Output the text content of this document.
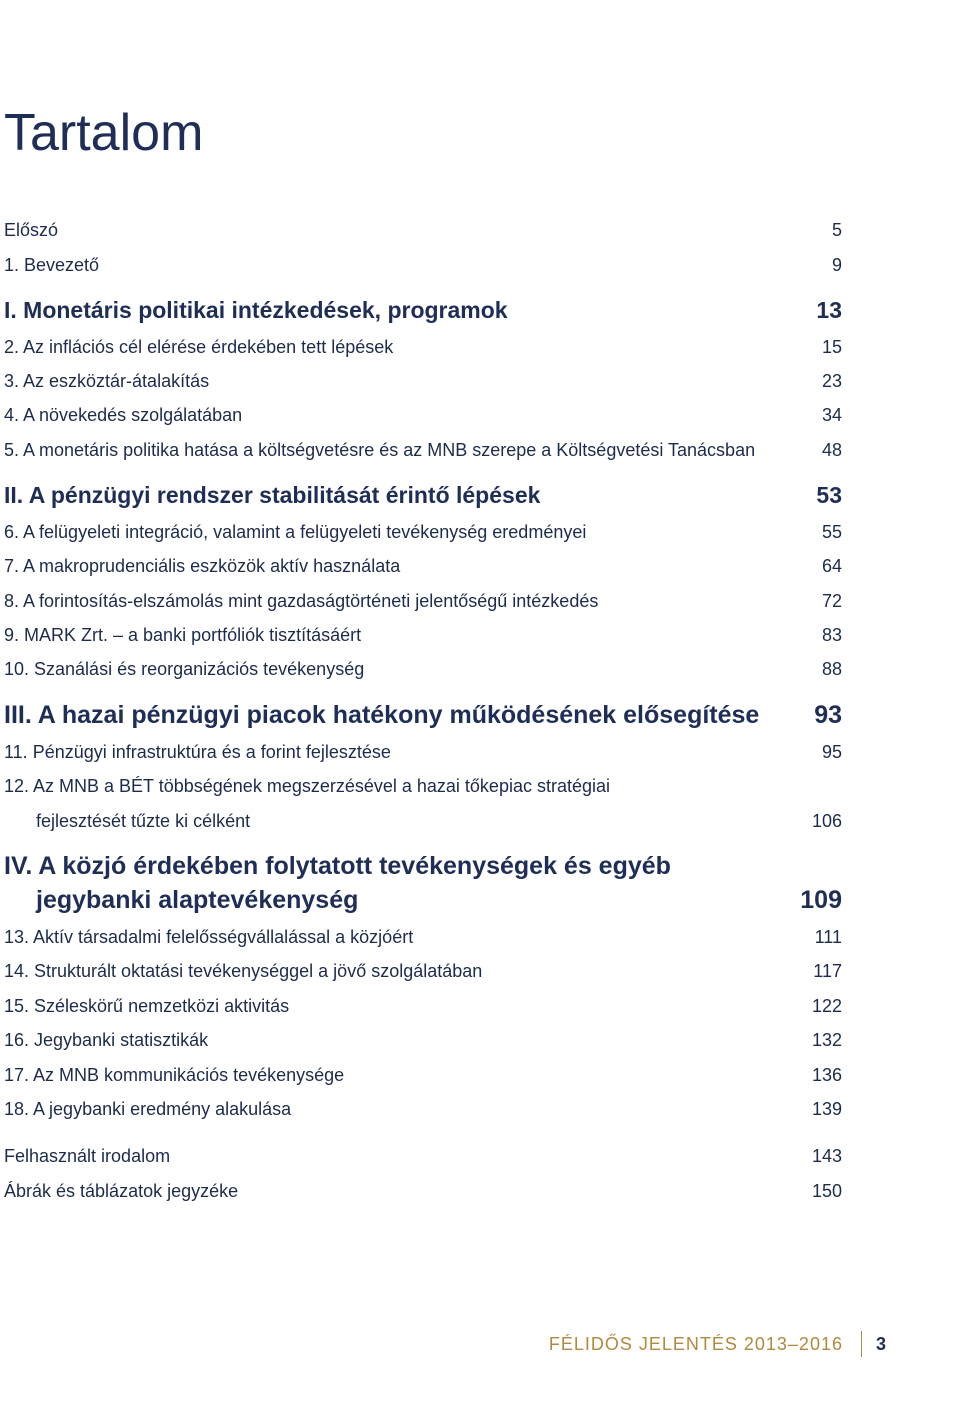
Tartalom
Előszó	5
1. Bevezető	9
I. Monetáris politikai intézkedések, programok	13
2. Az inflációs cél elérése érdekében tett lépések	15
3. Az eszköztár-átalakítás	23
4. A növekedés szolgálatában	34
5. A monetáris politika hatása a költségvetésre és az MNB szerepe a Költségvetési Tanácsban	48
II. A pénzügyi rendszer stabilitását érintő lépések	53
6. A felügyeleti integráció, valamint a felügyeleti tevékenység eredményei	55
7. A makroprudenciális eszközök aktív használata	64
8. A forintosítás-elszámolás mint gazdaságtörténeti jelentőségű intézkedés	72
9. MARK Zrt. – a banki portfóliók tisztításáért	83
10. Szanálási és reorganizációs tevékenység	88
III. A hazai pénzügyi piacok hatékony működésének elősegítése 93
11. Pénzügyi infrastruktúra és a forint fejlesztése	95
12. Az MNB a BÉT többségének megszerzésével a hazai tőkepiac stratégiai
fejlesztését tűzte ki célként	106
IV. A közjó érdekében folytatott tevékenységek és egyéb
jegybanki alaptevékenység	109
13. Aktív társadalmi felelősségvállalással a közjóért	111
14. Strukturált oktatási tevékenységgel a jövő szolgálatában	117
15. Széleskörű nemzetközi aktivitás	122
16. Jegybanki statisztikák	132
17. Az MNB kommunikációs tevékenysége	136
18. A jegybanki eredmény alakulása	139
Felhasznált irodalom	143
Ábrák és táblázatok jegyzéke	150
FÉLIDŐS JELENTÉS 2013–2016 3
